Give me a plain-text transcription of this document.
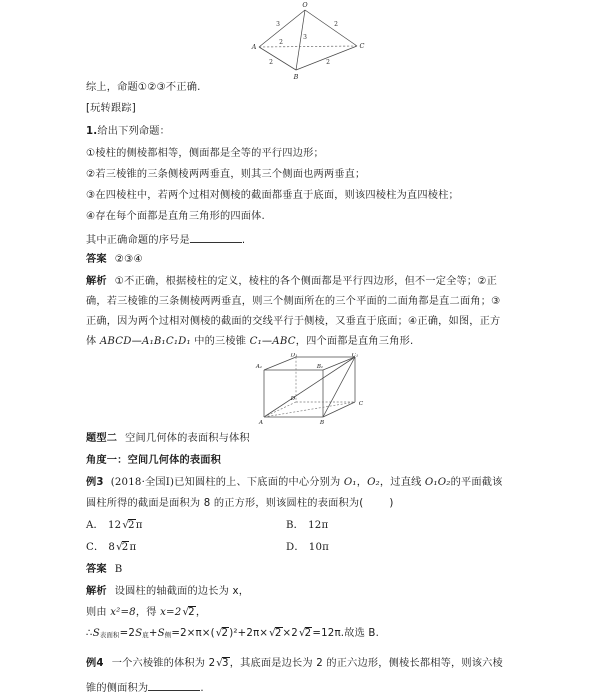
O
A	C
B
3	2
3
2
2	2
综上，命题①②③不正确.
[玩转跟踪]
1.给出下列命题：
①棱柱的侧棱都相等，侧面都是全等的平行四边形；
②若三棱锥的三条侧棱两两垂直，则其三个侧面也两两垂直；
③在四棱柱中，若两个过相对侧棱的截面都垂直于底面，则该四棱柱为直四棱柱；
④存在每个面都是直角三角形的四面体.
其中正确命题的序号是	.
答案 ②③④
解析 ①不正确，根据棱柱的定义，棱柱的各个侧面都是平行四边形，但不一定全等；②正
确，若三棱锥的三条侧棱两两垂直，则三个侧面所在的三个平面的二面角都是直二面角；③
正确，因为两个过相对侧棱的截面的交线平行于侧棱，又垂直于底面；④正确，如图，正方
体 ABCD—A₁B₁C₁D₁ 中的三棱锥 C₁—ABC，四个面都是直角三角形.
A₁	B₁
D₁	C₁
A	B
C
D
题型二 空间几何体的表面积与体积
角度一：空间几何体的表面积
例3 (2018·全国Ⅰ)已知圆柱的上、下底面的中心分别为 O₁，O₂，过直线 O₁O₂的平面截该
圆柱所得的截面是面积为 8 的正方形，则该圆柱的表面积为(	)
A． 12√2π	B． 12π
C． 8√2π	D． 10π
答案 B
解析 设圆柱的轴截面的边长为 x，
则由 x²=8，得 x=2√2，
∴S表面积=2S底+S侧=2×π×(√2)²+2π×√2×2√2=12π.故选 B.
例4 一个六棱锥的体积为 2√3，其底面是边长为 2 的正六边形，侧棱长都相等，则该六棱
锥的侧面积为	.
